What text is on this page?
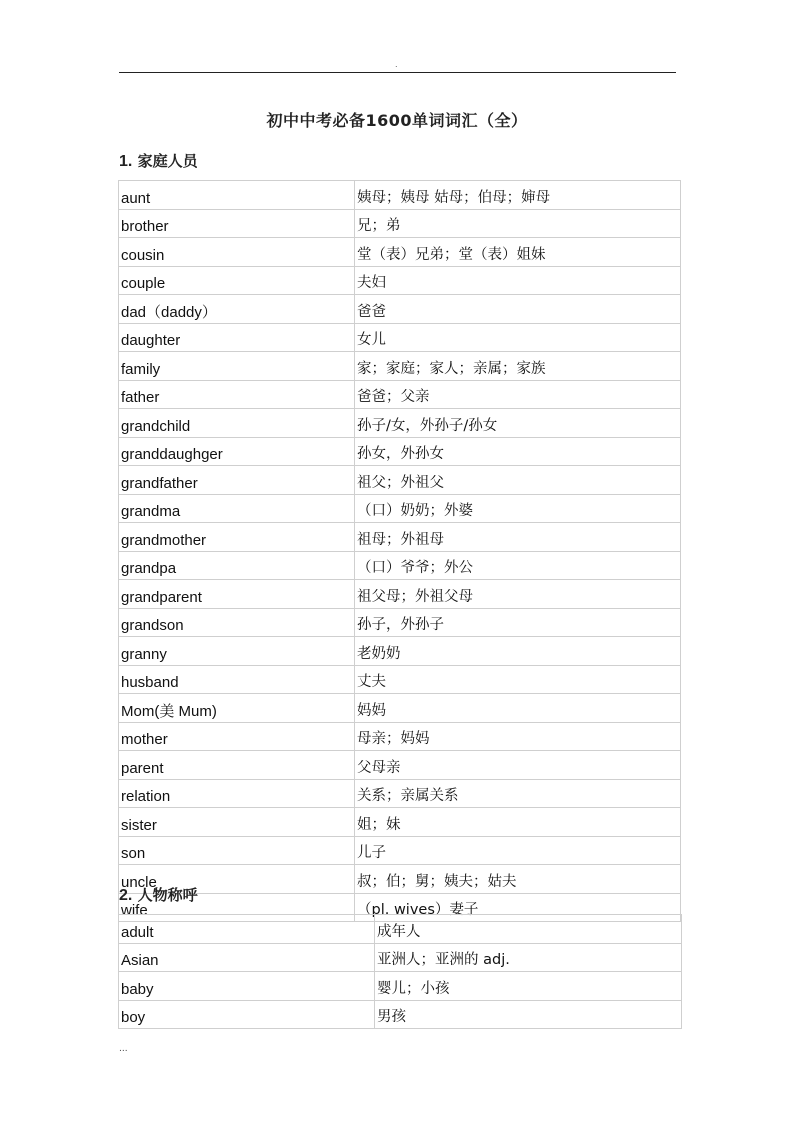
.
初中中考必备1600单词词汇（全）
1. 家庭人员
aunt	姨母；姨母 姑母；伯母；婶母
brother	兄；弟
cousin	堂（表）兄弟；堂（表）姐妹
couple	夫妇
dad（daddy）	爸爸
daughter	女儿
family	家；家庭；家人；亲属；家族
father	爸爸；父亲
grandchild	孙子/女，外孙子/孙女
granddaughger	孙女，外孙女
grandfather	祖父；外祖父
grandma	（口）奶奶；外婆
grandmother	祖母；外祖母
grandpa	（口）爷爷；外公
grandparent	祖父母；外祖父母
grandson	孙子，外孙子
granny	老奶奶
husband	丈夫
Mom(美 Mum)	妈妈
mother	母亲；妈妈
parent	父母亲
relation	关系；亲属关系
sister	姐；妹
son	儿子
uncle	叔；伯；舅；姨夫；姑夫
wife	（pl. wives）妻子
2. 人物称呼
adult	成年人
Asian	亚洲人；亚洲的 adj.
baby	婴儿；小孩
boy	男孩
...
